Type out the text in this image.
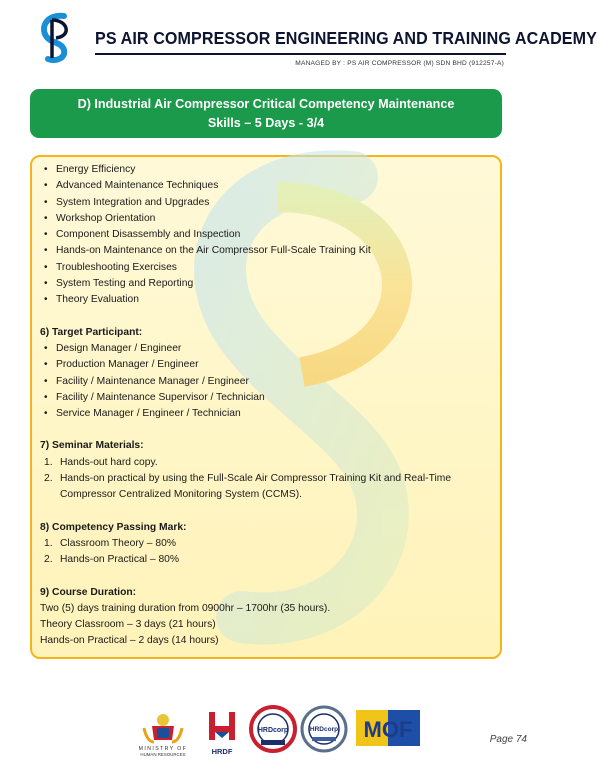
PS AIR COMPRESSOR ENGINEERING AND TRAINING ACADEMY
MANAGED BY : PS AIR COMPRESSOR (M) SDN BHD (912257-A)
D) Industrial Air Compressor Critical Competency Maintenance
Skills – 5 Days - 3/4
• Energy Efficiency
• Advanced Maintenance Techniques
• System Integration and Upgrades
• Workshop Orientation
• Component Disassembly and Inspection
• Hands-on Maintenance on the Air Compressor Full-Scale Training Kit
• Troubleshooting Exercises
• System Testing and Reporting
• Theory Evaluation
6) Target Participant:
• Design Manager / Engineer
• Production Manager / Engineer
• Facility / Maintenance Manager / Engineer
• Facility / Maintenance Supervisor / Technician
• Service Manager / Engineer / Technician
7) Seminar Materials:
1. Hands-out hard copy.
2. Hands-on practical by using the Full-Scale Air Compressor Training Kit and Real-Time
Compressor Centralized Monitoring System (CCMS).
8) Competency Passing Mark:
1. Classroom Theory – 80%
2. Hands-on Practical – 80%
9) Course Duration:
Two (5) days training duration from 0900hr – 1700hr (35 hours).
Theory Classroom – 3 days (21 hours)
Hands-on Practical – 2 days (14 hours)
MINISTRY OF
HUMAN RESOURCES	HRDF
HRDcorp	HRDcorp MOF	Page 74
